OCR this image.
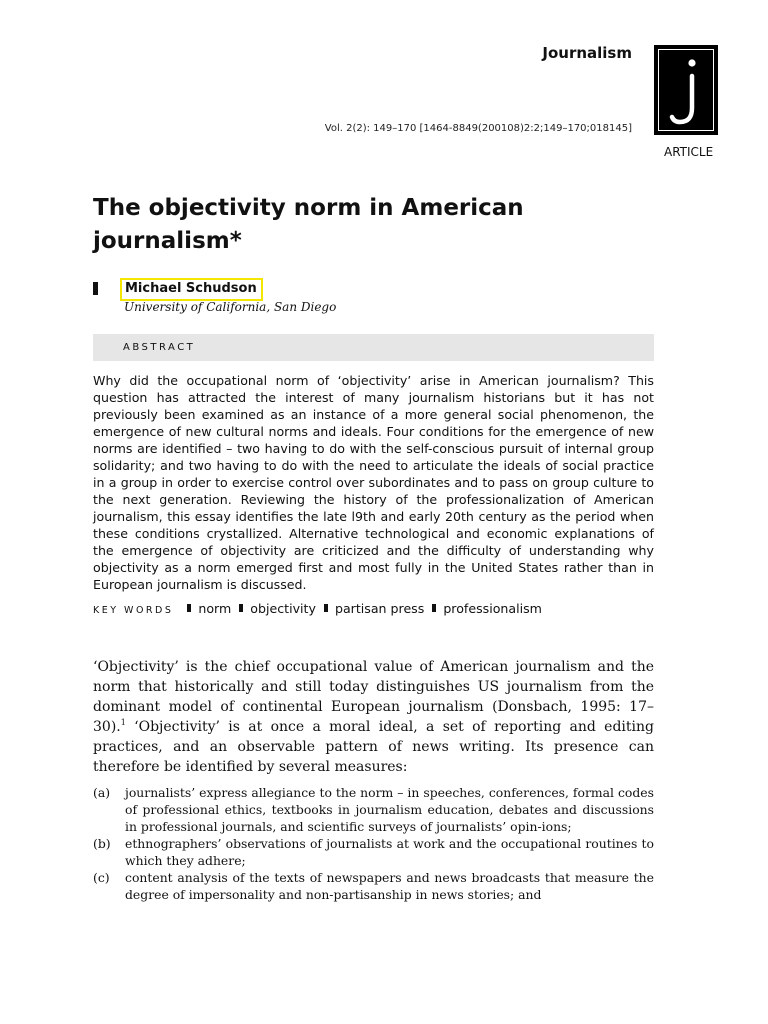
Journalism
Vol. 2(2): 149–170 [1464-8849(200108)2:2;149–170;018145]
ARTICLE
The objectivity norm in American journalism*
Michael Schudson
University of California, San Diego
ABSTRACT

Why did the occupational norm of ‘objectivity’ arise in American journalism? This question has attracted the interest of many journalism historians but it has not previously been examined as an instance of a more general social phenomenon, the emergence of new cultural norms and ideals. Four conditions for the emergence of new norms are identified – two having to do with the self-conscious pursuit of internal group solidarity; and two having to do with the need to articulate the ideals of social practice in a group in order to exercise control over subordinates and to pass on group culture to the next generation. Reviewing the history of the professionalization of American journalism, this essay identifies the late l9th and early 20th century as the period when these conditions crystallized. Alternative technological and economic explanations of the emergence of objectivity are criticized and the difficulty of understanding why objectivity as a norm emerged first and most fully in the United States rather than in European journalism is discussed.

KEY WORDS norm objectivity partisan press professionalism

‘Objectivity’ is the chief occupational value of American journalism and the norm that historically and still today distinguishes US journalism from the dominant model of continental European journalism (Donsbach, 1995: 17–30).$^1$ ‘Objectivity’ is at once a moral ideal, a set of reporting and editing practices, and an observable pattern of news writing. Its presence can therefore be identified by several measures:

(a)	journalists’ express allegiance to the norm – in speeches, conferences, formal codes of professional ethics, textbooks in journalism education, debates and discussions in professional journals, and scientific surveys of journalists’ opin-ions;
(b)	ethnographers’ observations of journalists at work and the occupational routines to which they adhere;
(c)	content analysis of the texts of newspapers and news broadcasts that measure the degree of impersonality and non-partisanship in news stories; and
